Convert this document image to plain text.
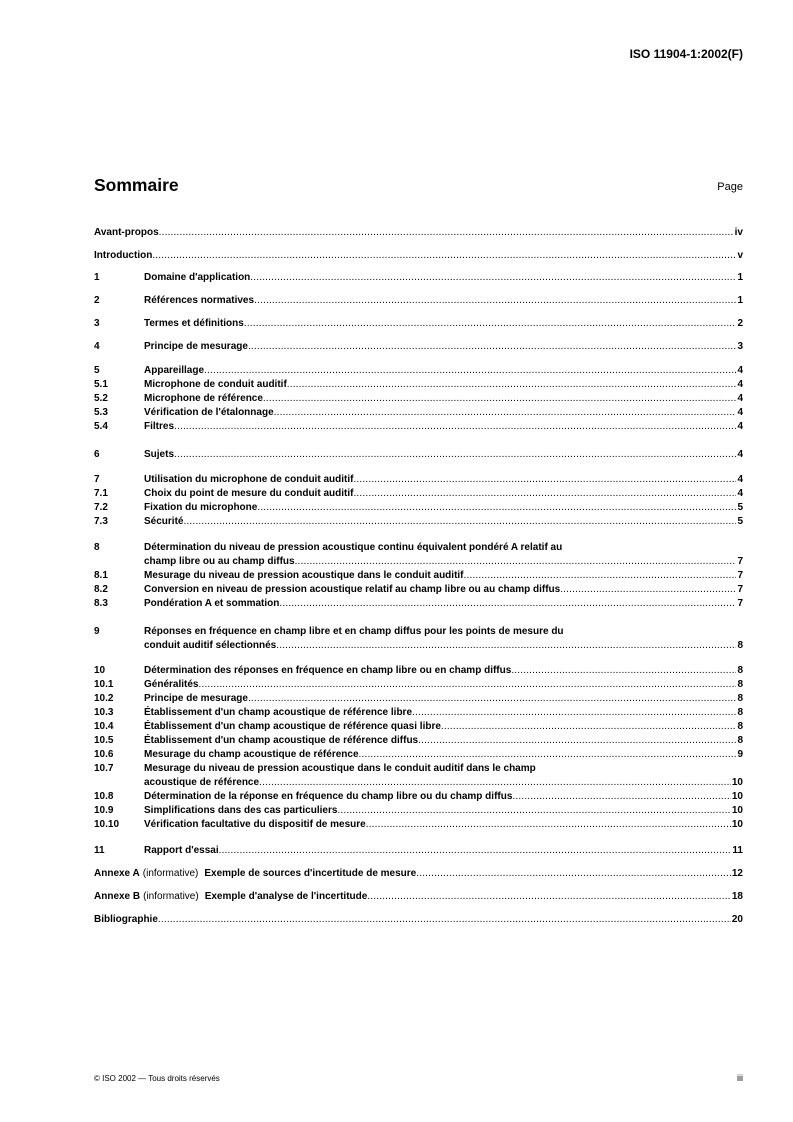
ISO 11904-1:2002(F)
Sommaire	Page
Avant-propos .....	iv
Introduction .....	v
1	Domaine d'application .....	1
2	Références normatives .....	1
3	Termes et définitions .....	2
4	Principe de mesurage .....	3
5	Appareillage .....	4
5.1	Microphone de conduit auditif .....	4
5.2	Microphone de référence .....	4
5.3	Vérification de l'étalonnage .....	4
5.4	Filtres .....	4
6	Sujets .....	4
7	Utilisation du microphone de conduit auditif .....	4
7.1	Choix du point de mesure du conduit auditif .....	4
7.2	Fixation du microphone .....	5
7.3	Sécurité .....	5
8	Détermination du niveau de pression acoustique continu équivalent pondéré A relatif au
champ libre ou au champ diffus .....	7
8.1	Mesurage du niveau de pression acoustique dans le conduit auditif .....	7
8.2	Conversion en niveau de pression acoustique relatif au champ libre ou au champ diffus .....	7
8.3	Pondération A et sommation .....	7
9	Réponses en fréquence en champ libre et en champ diffus pour les points de mesure du
conduit auditif sélectionnés .....	8
10	Détermination des réponses en fréquence en champ libre ou en champ diffus .....	8
10.1	Généralités .....	8
10.2	Principe de mesurage .....	8
10.3	Établissement d'un champ acoustique de référence libre .....	8
10.4	Établissement d'un champ acoustique de référence quasi libre .....	8
10.5	Établissement d'un champ acoustique de référence diffus .....	8
10.6	Mesurage du champ acoustique de référence .....	9
10.7	Mesurage du niveau de pression acoustique dans le conduit auditif dans le champ
acoustique de référence .....	10
10.8	Détermination de la réponse en fréquence du champ libre ou du champ diffus .....	10
10.9	Simplifications dans des cas particuliers .....	10
10.10 Vérification facultative du dispositif de mesure .....	10
11	Rapport d'essai .....	11
Annexe A (informative) Exemple de sources d'incertitude de mesure .....	12
Annexe B (informative) Exemple d'analyse de l'incertitude .....	18
Bibliographie .....	20
© ISO 2002 — Tous droits réservés	iii
